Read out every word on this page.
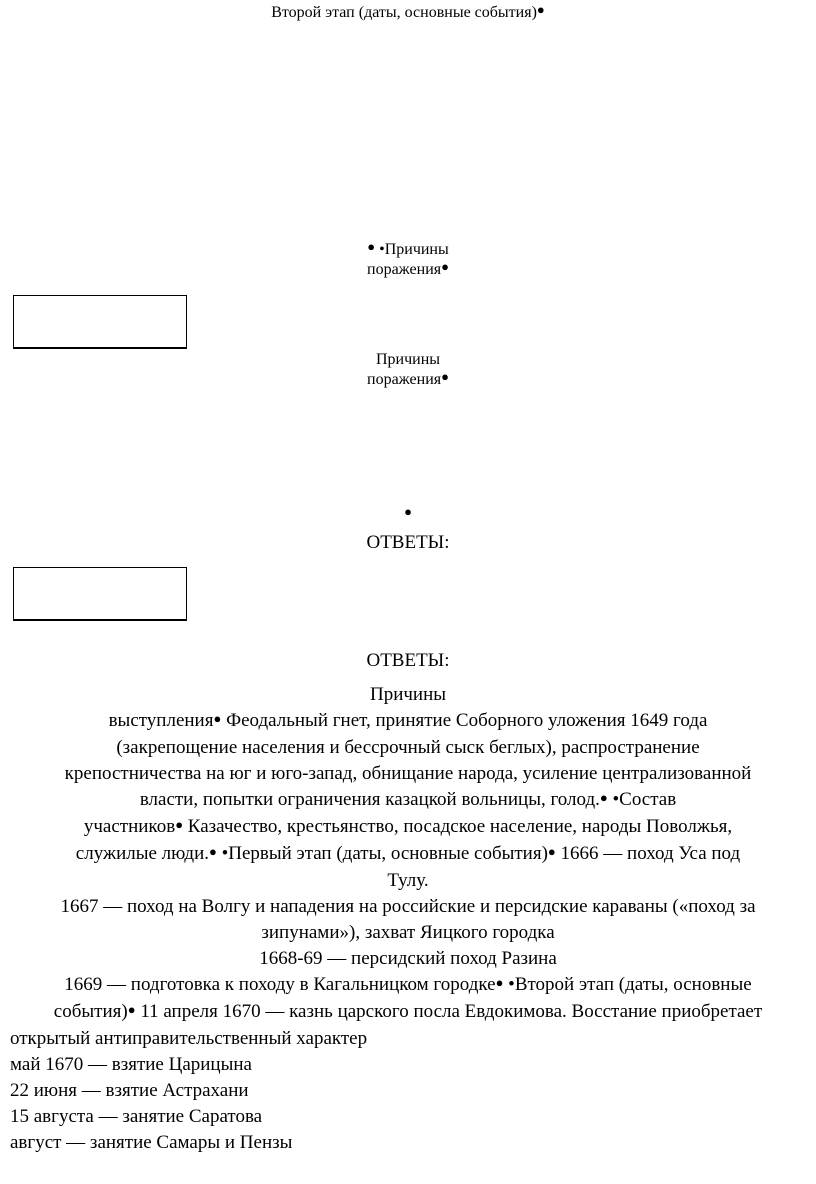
Второй этап (даты, основные события)●
● •Причины
поражения●
Причины
поражения●
●
ОТВЕТЫ:
ОТВЕТЫ:
Причины
выступления● Феодальный гнет, принятие Соборного уложения 1649 года
(закрепощение населения и бессрочный сыск беглых), распространение
крепостничества на юг и юго-запад, обнищание народа, усиление централизованной
власти, попытки ограничения казацкой вольницы, голод.● •Состав
участников● Казачество, крестьянство, посадское население, народы Поволжья,
служилые люди.● •Первый этап (даты, основные события)● 1666 — поход Уса под
Тулу.
1667 — поход на Волгу и нападения на российские и персидские караваны («поход за
зипунами»), захват Яицкого городка
1668-69 — персидский поход Разина
1669 — подготовка к походу в Кагальницком городке● •Второй этап (даты, основные
события)● 11 апреля 1670 — казнь царского посла Евдокимова. Восстание приобретает
открытый антиправительственный характер
май 1670 — взятие Царицына
22 июня — взятие Астрахани
15 августа — занятие Саратова
август — занятие Самары и Пензы
